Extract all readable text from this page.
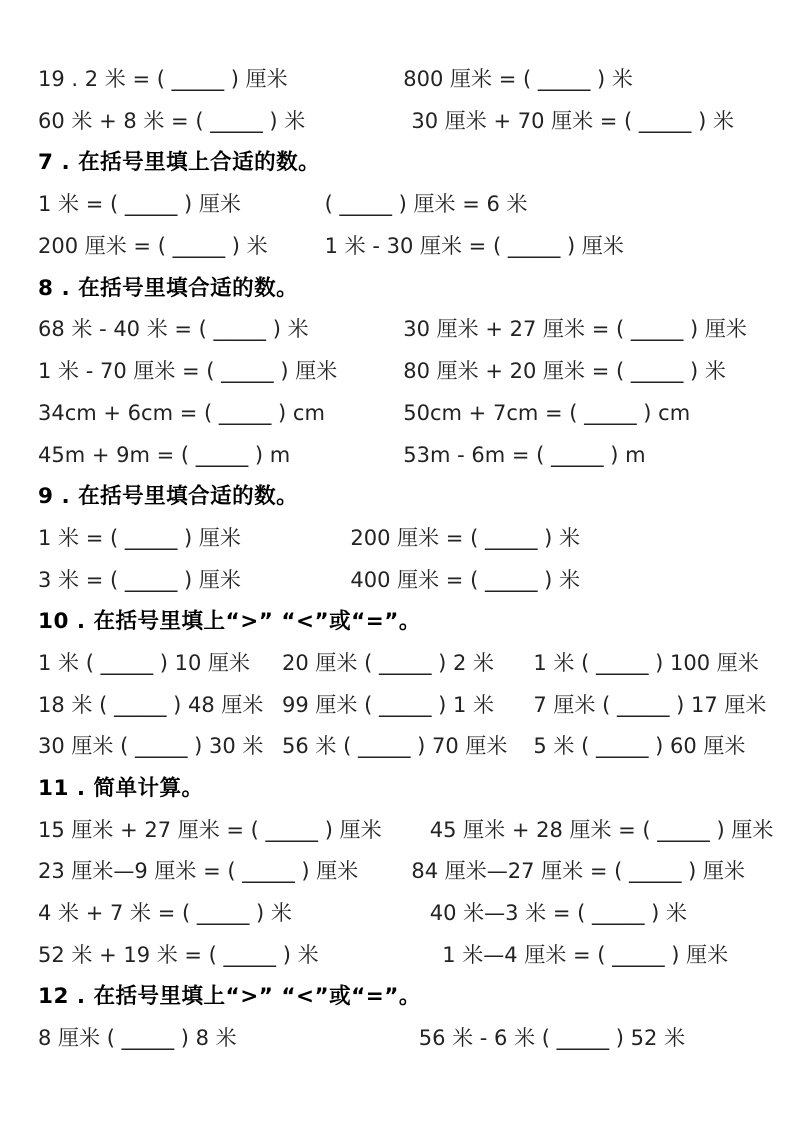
19 . 2 米 = ( _____ ) 厘米	800 厘米 = ( _____ ) 米
60 米 + 8 米 = ( _____ ) 米	30 厘米 + 70 厘米 = ( _____ ) 米
7 . 在括号里填上合适的数。
1 米 = ( _____ ) 厘米	( _____ ) 厘米 = 6 米
200 厘米 = ( _____ ) 米	1 米 - 30 厘米 = ( _____ ) 厘米
8 . 在括号里填合适的数。
68 米 - 40 米 = ( _____ ) 米	30 厘米 + 27 厘米 = ( _____ ) 厘米
1 米 - 70 厘米 = ( _____ ) 厘米	80 厘米 + 20 厘米 = ( _____ ) 米
34cm + 6cm = ( _____ ) cm	50cm + 7cm = ( _____ ) cm
45m + 9m = ( _____ ) m	53m - 6m = ( _____ ) m
9 . 在括号里填合适的数。
1 米 = ( _____ ) 厘米	200 厘米 = ( _____ ) 米
3 米 = ( _____ ) 厘米	400 厘米 = ( _____ ) 米
10 . 在括号里填上“>” “<”或“=”。
1 米 ( _____ ) 10 厘米	20 厘米 ( _____ ) 2 米	1 米 ( _____ ) 100 厘米
18 米 ( _____ ) 48 厘米 99 厘米 ( _____ ) 1 米	7 厘米 ( _____ ) 17 厘米
30 厘米 ( _____ ) 30 米 56 米 ( _____ ) 70 厘米	5 米 ( _____ ) 60 厘米
11 . 简单计算。
15 厘米 + 27 厘米 = ( _____ ) 厘米	45 厘米 + 28 厘米 = ( _____ ) 厘米
23 厘米—9 厘米 = ( _____ ) 厘米	84 厘米—27 厘米 = ( _____ ) 厘米
4 米 + 7 米 = ( _____ ) 米	40 米—3 米 = ( _____ ) 米
52 米 + 19 米 = ( _____ ) 米	1 米—4 厘米 = ( _____ ) 厘米
12 . 在括号里填上“>” “<”或“=”。
8 厘米 ( _____ ) 8 米	56 米 - 6 米 ( _____ ) 52 米
